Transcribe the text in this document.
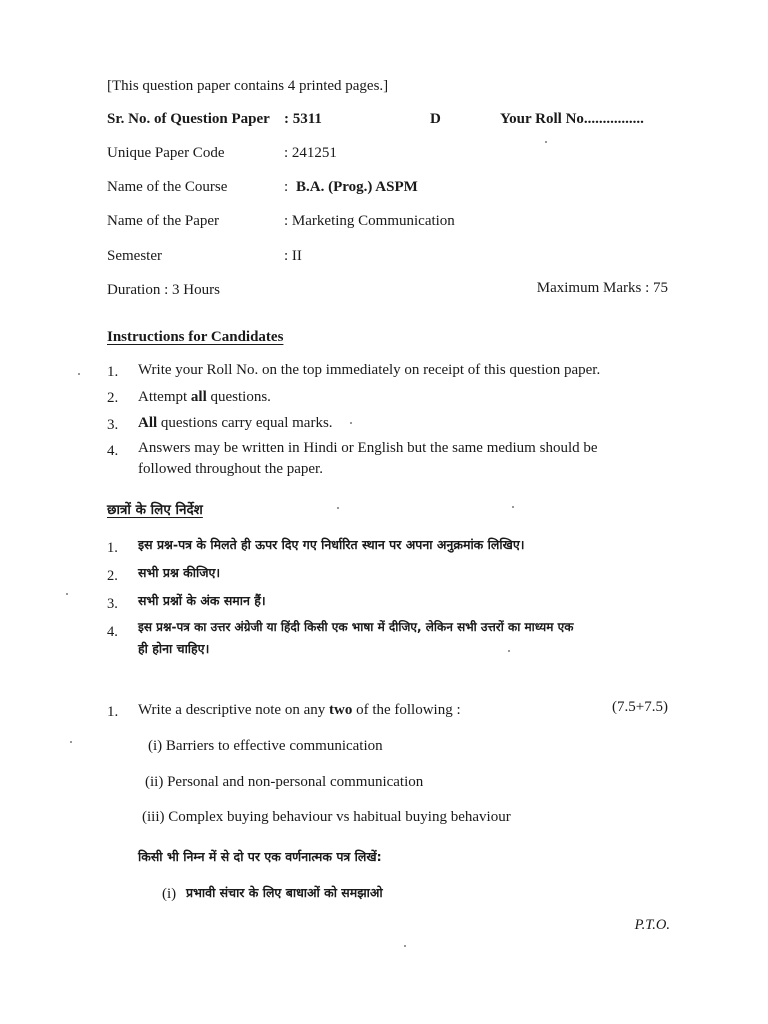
[This question paper contains 4 printed pages.]
Sr. No. of Question Paper : 5311	D	Your Roll No................
Unique Paper Code	: 241251
Name of the Course	: B.A. (Prog.) ASPM
Name of the Paper	: Marketing Communication
Semester	: II
Duration : 3 Hours	Maximum Marks : 75
Instructions for Candidates
1. Write your Roll No. on the top immediately on receipt of this question paper.
2. Attempt all questions.
3. All questions carry equal marks.
4. Answers may be written in Hindi or English but the same medium should be
followed throughout the paper.
छात्रों के लिए निर्देश
1. इस प्रश्न-पत्र के मिलते ही ऊपर दिए गए निर्धारित स्थान पर अपना अनुक्रमांक लिखिए।
2. सभी प्रश्न कीजिए।
3. सभी प्रश्नों के अंक समान हैं।
4. इस प्रश्न-पत्र का उत्तर अंग्रेजी या हिंदी किसी एक भाषा में दीजिए, लेकिन सभी उत्तरों का माध्यम एक
ही होना चाहिए।
1. Write a descriptive note on any two of the following :	(7.5+7.5)
(i) Barriers to effective communication
(ii) Personal and non-personal communication
(iii) Complex buying behaviour vs habitual buying behaviour
किसी भी निम्न में से दो पर एक वर्णनात्मक पत्र लिखें:
(i) प्रभावी संचार के लिए बाधाओं को समझाओ
P.T.O.
